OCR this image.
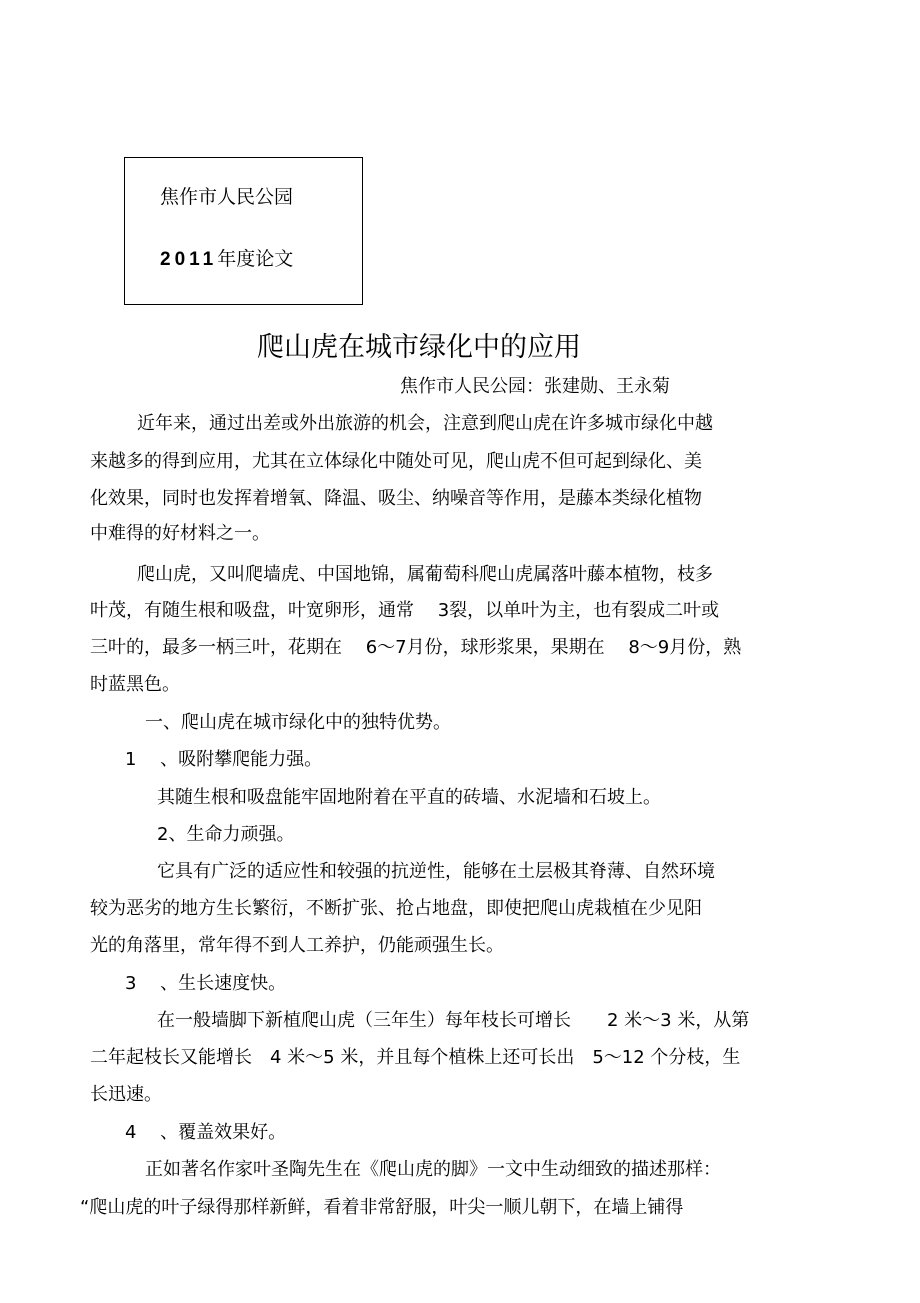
焦作市人民公园
2011年度论文
爬山虎在城市绿化中的应用
焦作市人民公园：张建勋、王永菊
近年来，通过出差或外出旅游的机会，注意到爬山虎在许多城市绿化中越
来越多的得到应用，尤其在立体绿化中随处可见，爬山虎不但可起到绿化、美
化效果，同时也发挥着增氧、降温、吸尘、纳噪音等作用，是藤本类绿化植物
中难得的好材料之一。
爬山虎，又叫爬墙虎、中国地锦，属葡萄科爬山虎属落叶藤本植物，枝多
叶茂，有随生根和吸盘，叶宽卵形，通常　 3裂，以单叶为主，也有裂成二叶或
三叶的，最多一柄三叶，花期在　 6～7月份，球形浆果，果期在　 8～9月份，熟
时蓝黑色。
一、爬山虎在城市绿化中的独特优势。
1　 、吸附攀爬能力强。
其随生根和吸盘能牢固地附着在平直的砖墙、水泥墙和石坡上。
2、生命力顽强。
它具有广泛的适应性和较强的抗逆性，能够在土层极其脊薄、自然环境
较为恶劣的地方生长繁衍，不断扩张、抢占地盘，即使把爬山虎栽植在少见阳
光的角落里，常年得不到人工养护，仍能顽强生长。
3　 、生长速度快。
在一般墙脚下新植爬山虎（三年生）每年枝长可增长　　2 米～3 米，从第
二年起枝长又能增长　4 米～5 米，并且每个植株上还可长出　5～12 个分枝，生
长迅速。
4　 、覆盖效果好。
正如著名作家叶圣陶先生在《爬山虎的脚》一文中生动细致的描述那样：
“爬山虎的叶子绿得那样新鲜，看着非常舒服，叶尖一顺儿朝下，在墙上铺得
